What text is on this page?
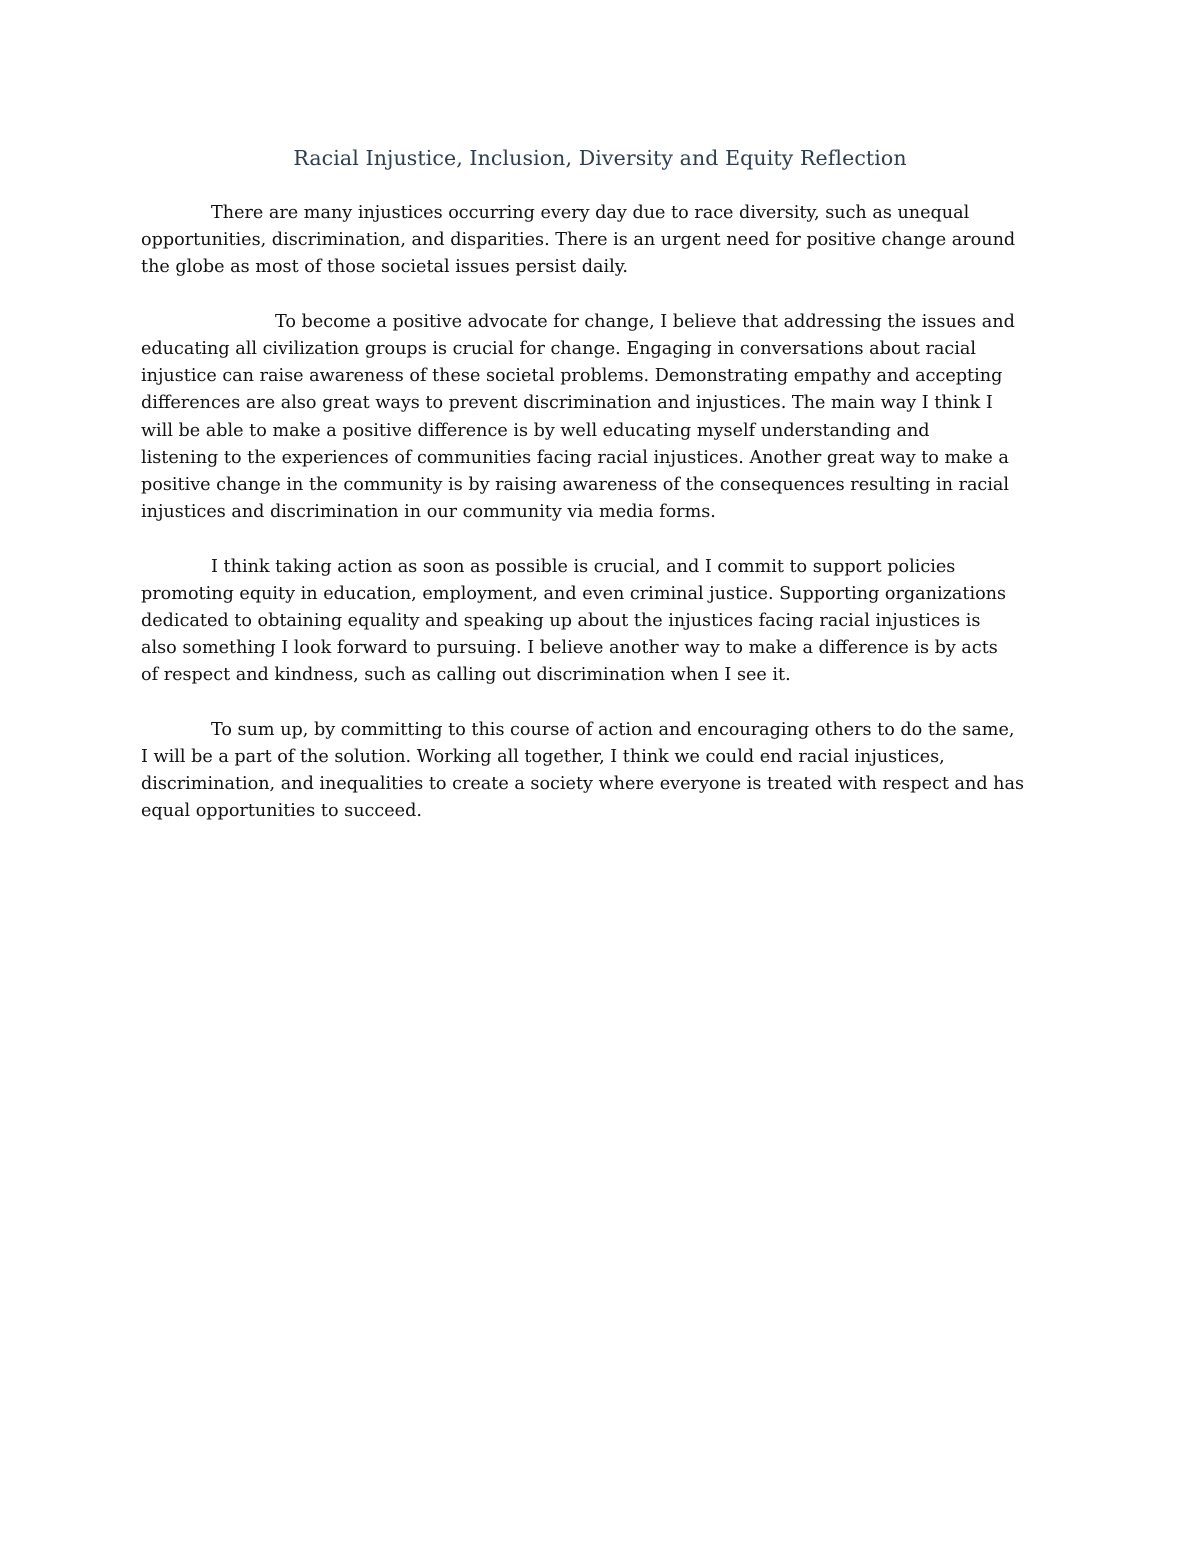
Racial Injustice, Inclusion, Diversity and Equity Reflection

There are many injustices occurring every day due to race diversity, such as unequal
opportunities, discrimination, and disparities. There is an urgent need for positive change around
the globe as most of those societal issues persist daily.

To become a positive advocate for change, I believe that addressing the issues and
educating all civilization groups is crucial for change. Engaging in conversations about racial
injustice can raise awareness of these societal problems. Demonstrating empathy and accepting
differences are also great ways to prevent discrimination and injustices. The main way I think I
will be able to make a positive difference is by well educating myself understanding and
listening to the experiences of communities facing racial injustices. Another great way to make a
positive change in the community is by raising awareness of the consequences resulting in racial
injustices and discrimination in our community via media forms.

I think taking action as soon as possible is crucial, and I commit to support policies
promoting equity in education, employment, and even criminal justice. Supporting organizations
dedicated to obtaining equality and speaking up about the injustices facing racial injustices is
also something I look forward to pursuing. I believe another way to make a difference is by acts
of respect and kindness, such as calling out discrimination when I see it.

To sum up, by committing to this course of action and encouraging others to do the same,
I will be a part of the solution. Working all together, I think we could end racial injustices,
discrimination, and inequalities to create a society where everyone is treated with respect and has
equal opportunities to succeed.
